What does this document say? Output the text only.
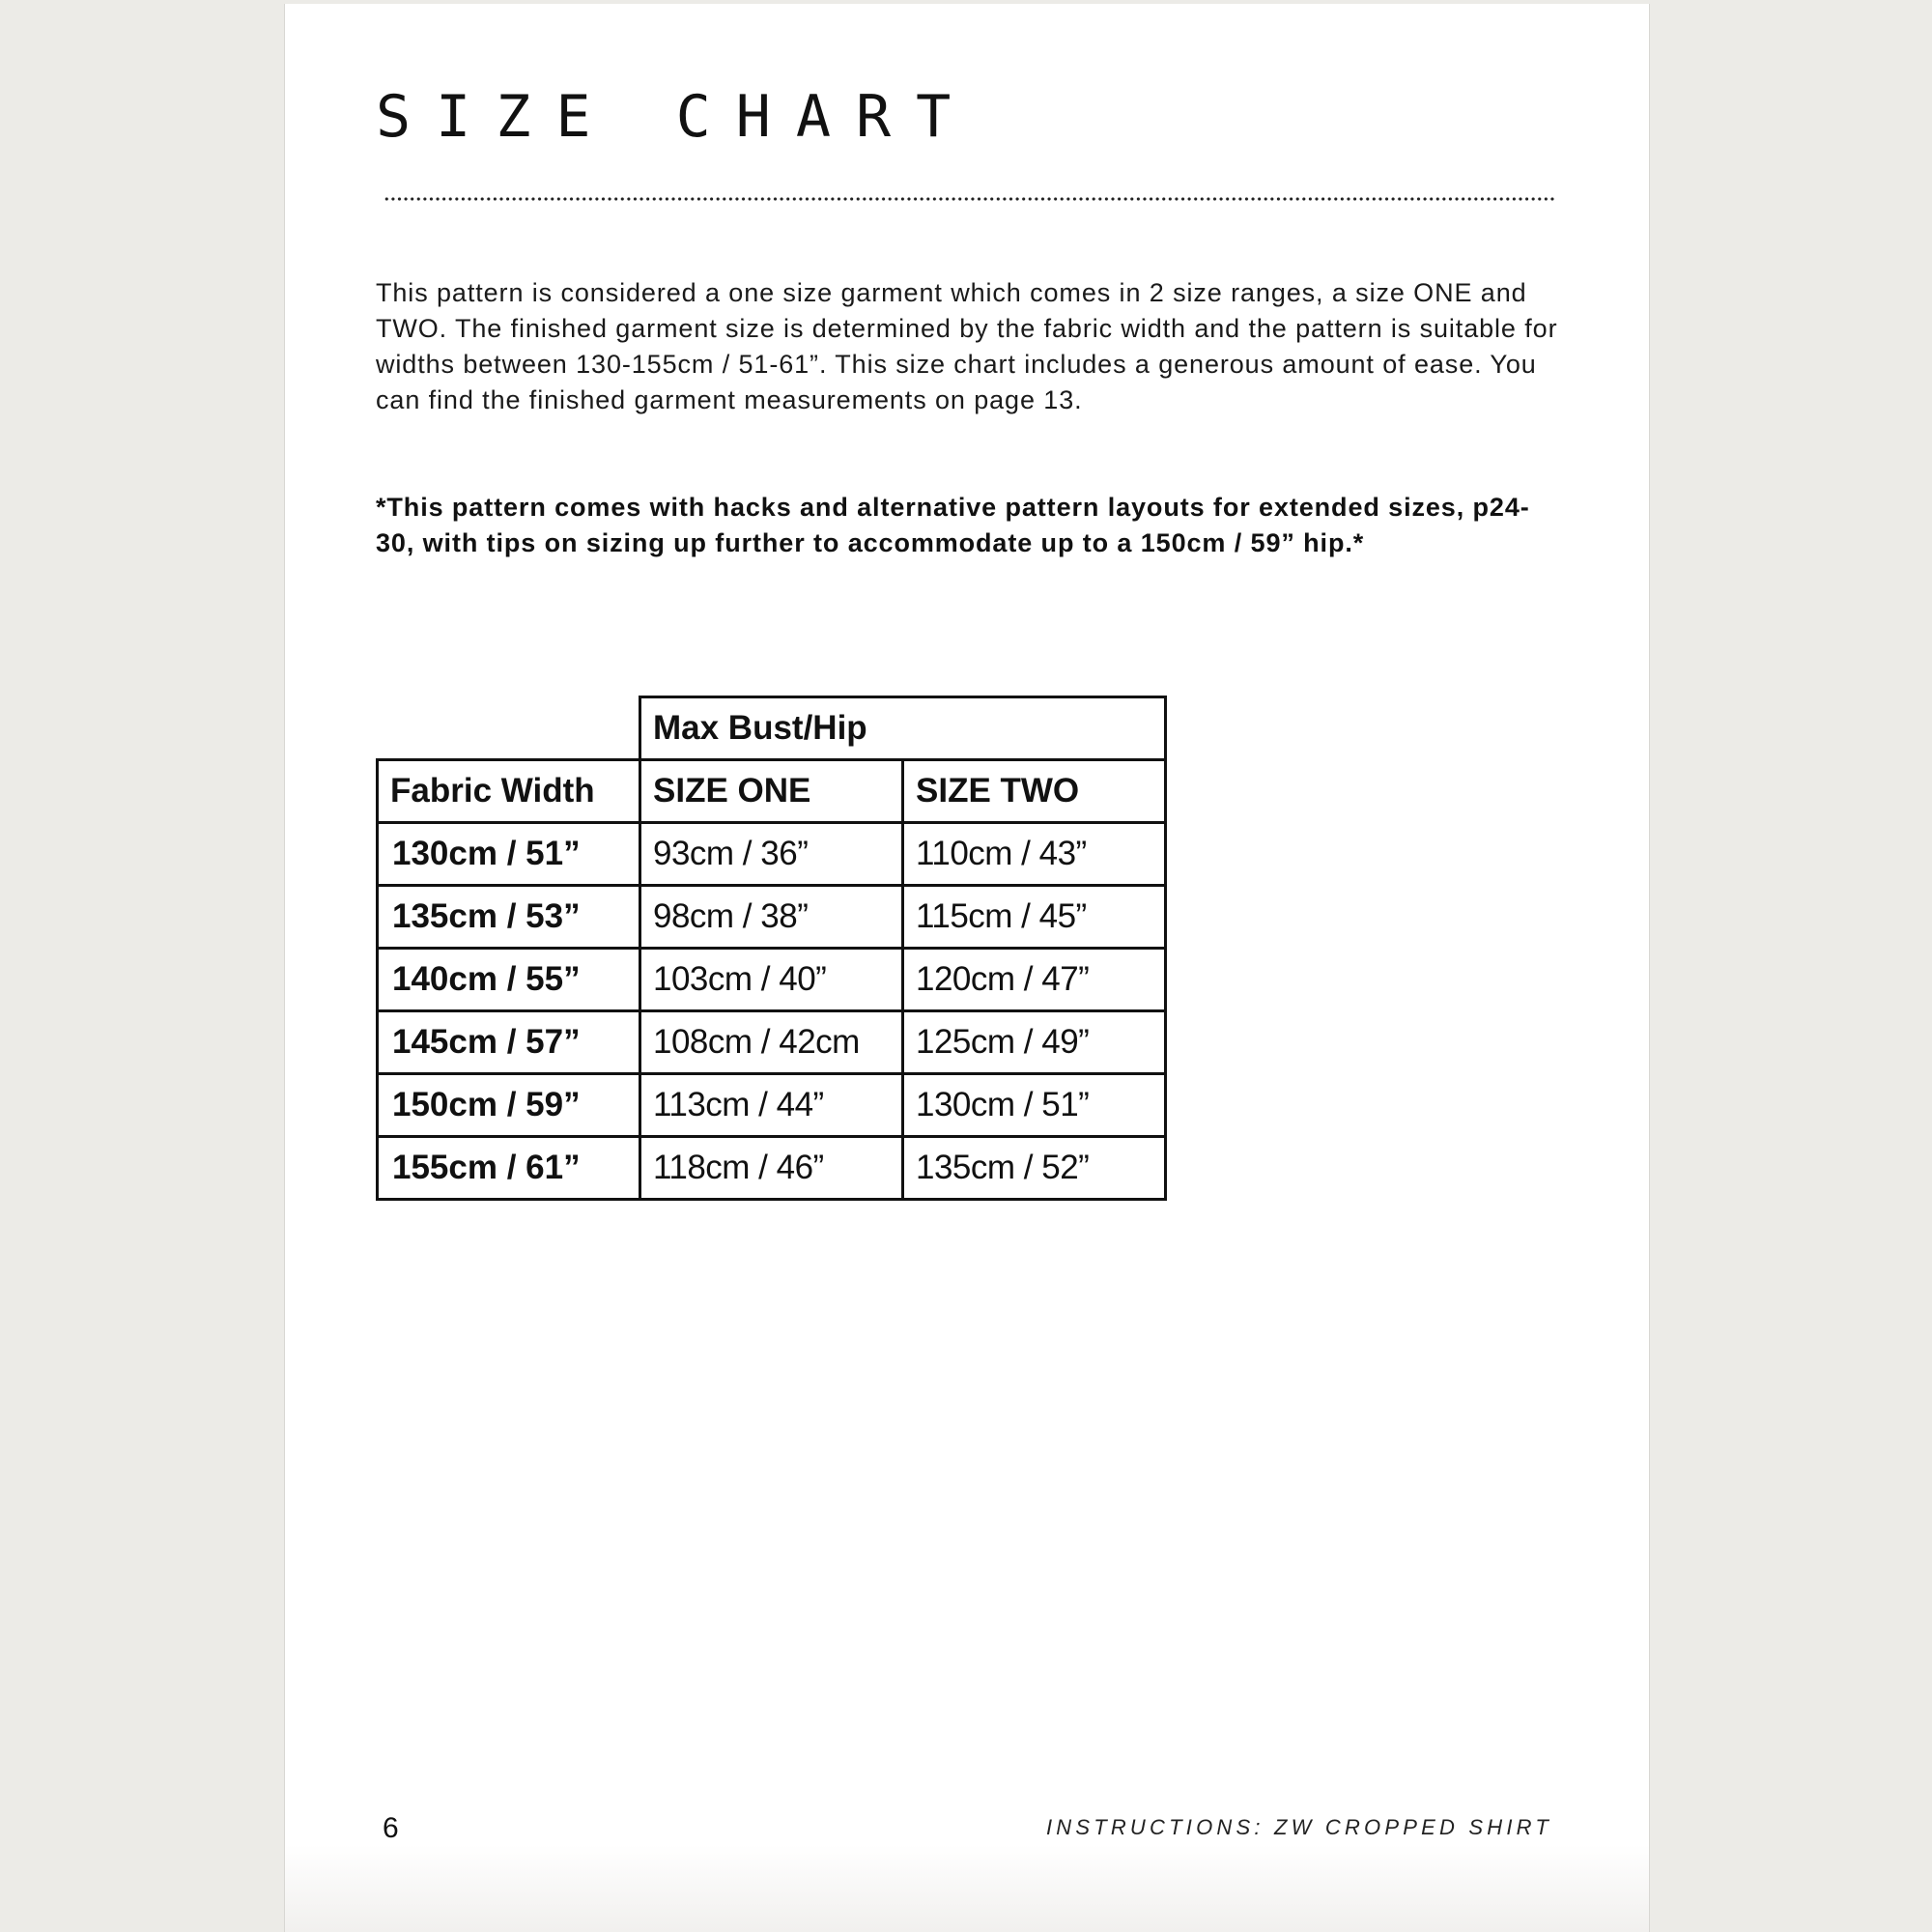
SIZE CHART

This pattern is considered a one size garment which comes in 2 size ranges, a size ONE and TWO. The finished garment size is determined by the fabric width and the pattern is suitable for widths between 130-155cm / 51-61”. This size chart includes a generous amount of ease. You can find the finished garment measurements on page 13.

*This pattern comes with hacks and alternative pattern layouts for extended sizes, p24-30, with tips on sizing up further to accommodate up to a 150cm / 59” hip.*

	Max Bust/Hip	
Fabric Width	SIZE ONE	SIZE TWO
130cm / 51”	93cm / 36”	110cm / 43”
135cm / 53”	98cm / 38”	115cm / 45”
140cm / 55”	103cm / 40”	120cm / 47”
145cm / 57”	108cm / 42cm	125cm / 49”
150cm / 59”	113cm / 44”	130cm / 51”
155cm / 61”	118cm / 46”	135cm / 52”
6	INSTRUCTIONS: ZW CROPPED SHIRT
